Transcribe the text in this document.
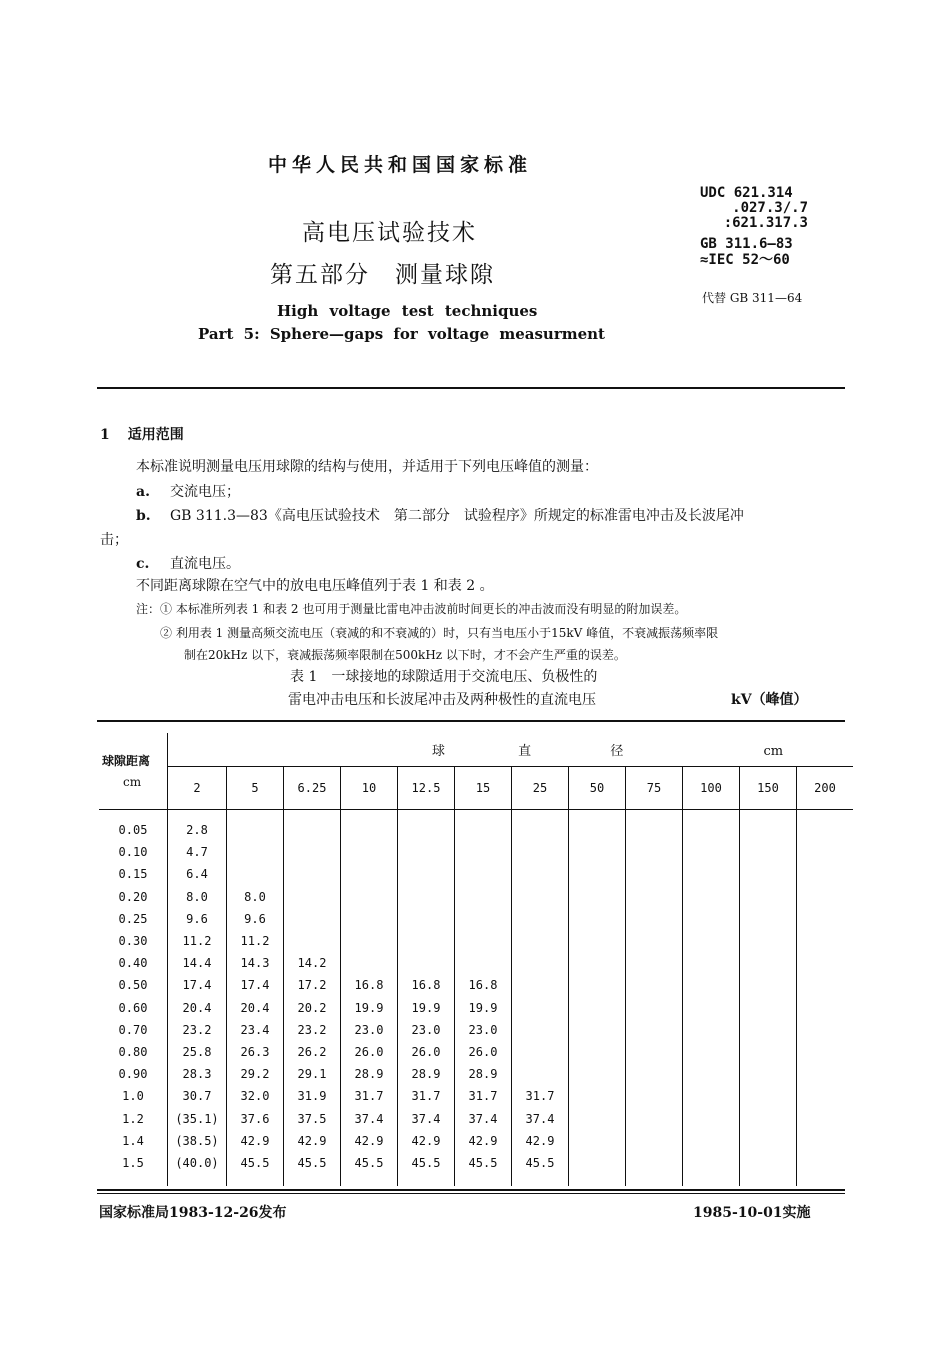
中华人民共和国国家标准
高电压试验技术
第五部分　测量球隙
High voltage test techniques
Part 5: Sphere—gaps for voltage measurment
UDC 621.314
.027.3/.7
:621.317.3
GB 311.6—83
≈IEC 52～60
代替 GB 311—64
1 适用范围
本标准说明测量电压用球隙的结构与使用，并适用于下列电压峰值的测量：
a. 交流电压；
b. GB 311.3—83《高电压试验技术　第二部分　试验程序》所规定的标准雷电冲击及长波尾冲
击；
c. 直流电压。
不同距离球隙在空气中的放电电压峰值列于表 1 和表 2 。
注：① 本标准所列表 1 和表 2 也可用于测量比雷电冲击波前时间更长的冲击波而没有明显的附加误差。
② 利用表 1 测量高频交流电压（衰减的和不衰减的）时，只有当电压小于15kV 峰值，不衰减振荡频率限
制在20kHz 以下，衰减振荡频率限制在500kHz 以下时，才不会产生严重的误差。
表 1　一球接地的球隙适用于交流电压、负极性的
雷电冲击电压和长波尾冲击及两种极性的直流电压	kV（峰值）
球隙距离
cm	球 直 径 cm											
	2	5	6.25	10	12.5	15	25	50	75	100	150	200

0.05	2.8											
0.10	4.7											
0.15	6.4											
0.20	8.0	8.0										
0.25	9.6	9.6										
0.30	11.2	11.2										
0.40	14.4	14.3	14.2									
0.50	17.4	17.4	17.2	16.8	16.8	16.8						
0.60	20.4	20.4	20.2	19.9	19.9	19.9						
0.70	23.2	23.4	23.2	23.0	23.0	23.0						
0.80	25.8	26.3	26.2	26.0	26.0	26.0						
0.90	28.3	29.2	29.1	28.9	28.9	28.9						
1.0	30.7	32.0	31.9	31.7	31.7	31.7	31.7					
1.2	(35.1)	37.6	37.5	37.4	37.4	37.4	37.4					
1.4	(38.5)	42.9	42.9	42.9	42.9	42.9	42.9					
1.5	(40.0)	45.5	45.5	45.5	45.5	45.5	45.5					

国家标准局1983-12-26发布	1985-10-01实施
